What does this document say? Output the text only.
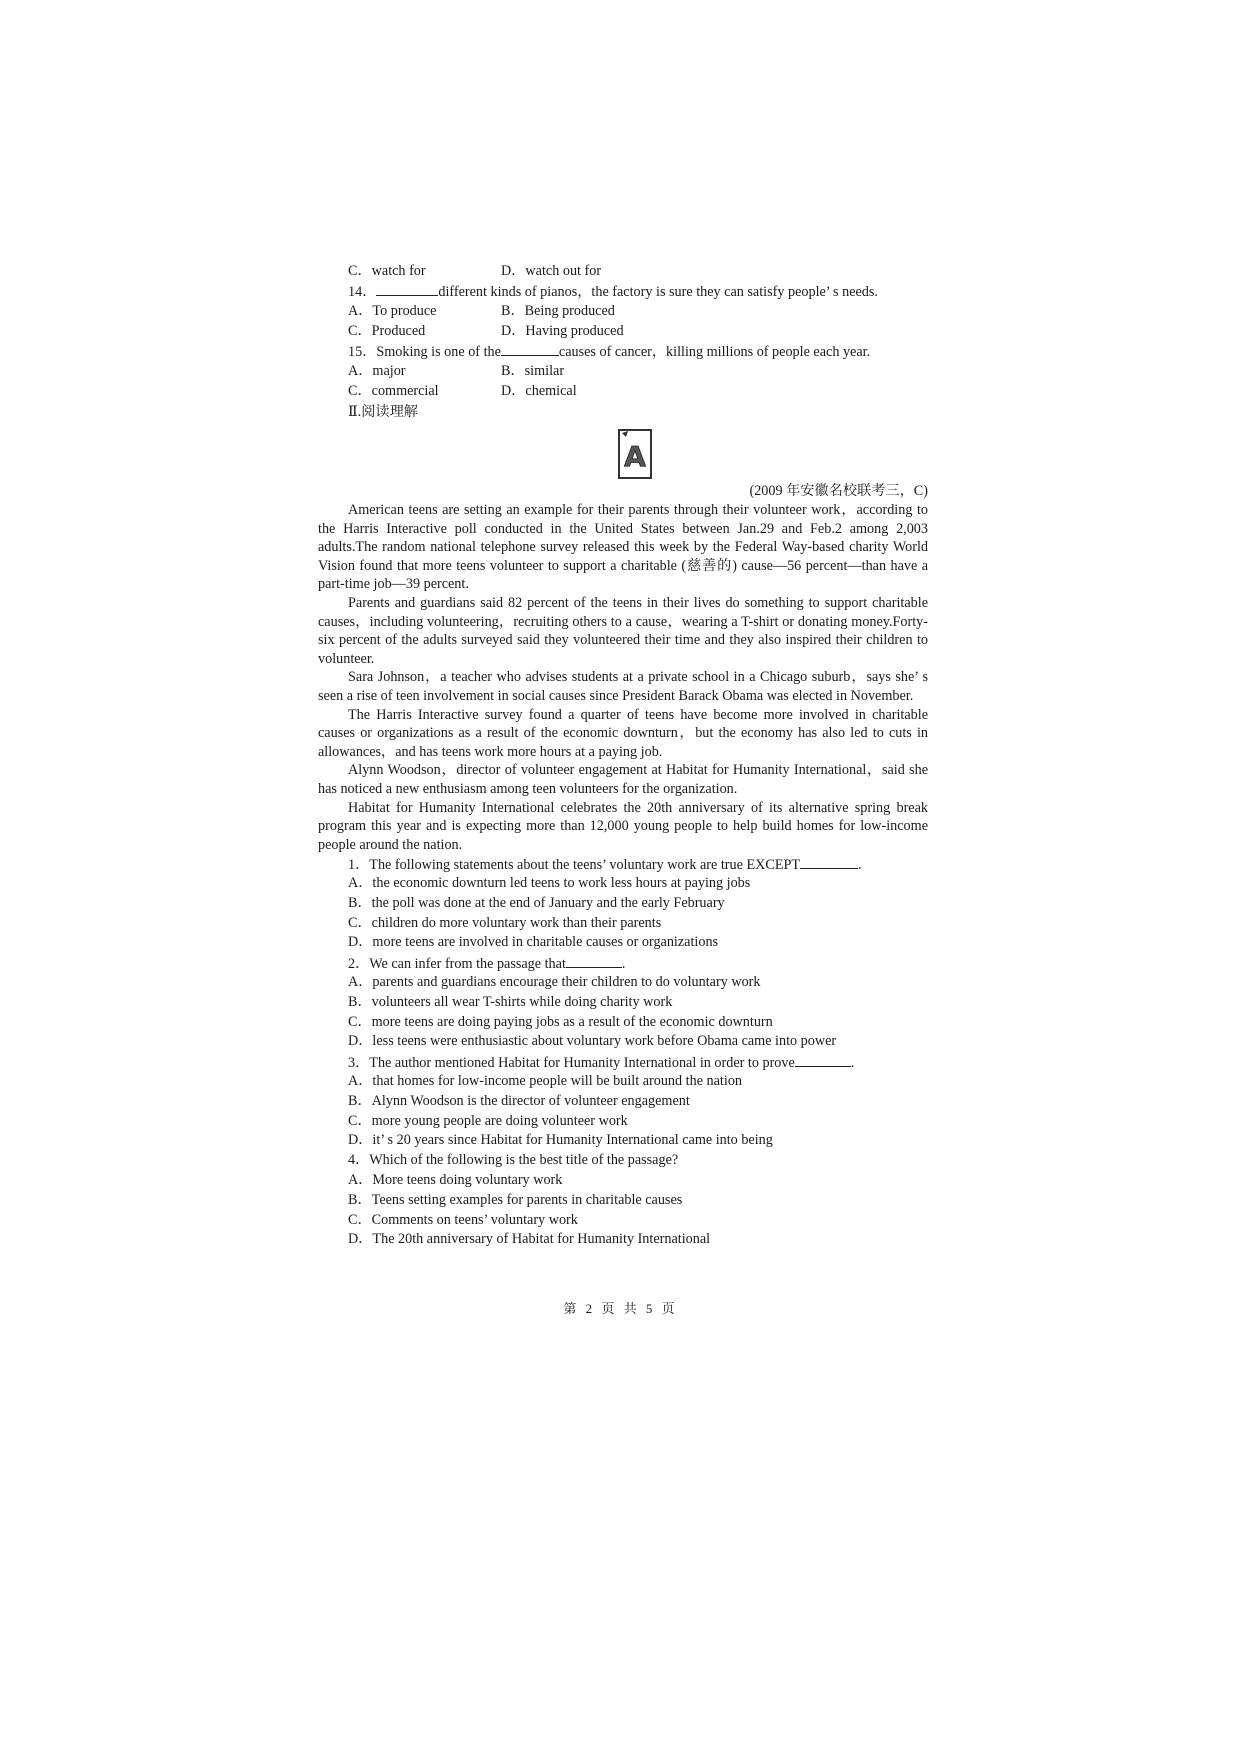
C．watch for	D．watch out for
14．	different kinds of pianos，the factory is sure they can satisfy people’ s needs.
A．To produce	B．Being produced
C．Produced	D．Having produced
15．Smoking is one of the	causes of cancer，killing millions of people each year.
A．major	B．similar
C．commercial	D．chemical
Ⅱ.阅读理解
A
(2009 年安徽名校联考三，C)

American teens are setting an example for their parents through their volunteer work，according to the Harris Interactive poll conducted in the United States between Jan.29 and Feb.2 among 2,003 adults.The random national telephone survey released this week by the Federal Way-based charity World Vision found that more teens volunteer to support a charitable (慈善的) cause—56 percent—than have a part-time job—39 percent.

Parents and guardians said 82 percent of the teens in their lives do something to support charitable causes，including volunteering，recruiting others to a cause，wearing a T-shirt or donating money.Forty-six percent of the adults surveyed said they volunteered their time and they also inspired their children to volunteer.

Sara Johnson，a teacher who advises students at a private school in a Chicago suburb，says she’ s seen a rise of teen involvement in social causes since President Barack Obama was elected in November.

The Harris Interactive survey found a quarter of teens have become more involved in charitable causes or organizations as a result of the economic downturn，but the economy has also led to cuts in allowances，and has teens work more hours at a paying job.

Alynn Woodson，director of volunteer engagement at Habitat for Humanity International，said she has noticed a new enthusiasm among teen volunteers for the organization.

Habitat for Humanity International celebrates the 20th anniversary of its alternative spring break program this year and is expecting more than 12,000 young people to help build homes for low-income people around the nation.

1．The following statements about the teens’ voluntary work are true EXCEPT	.
A．the economic downturn led teens to work less hours at paying jobs
B．the poll was done at the end of January and the early February
C．children do more voluntary work than their parents
D．more teens are involved in charitable causes or organizations
2．We can infer from the passage that	.
A．parents and guardians encourage their children to do voluntary work
B．volunteers all wear T-shirts while doing charity work
C．more teens are doing paying jobs as a result of the economic downturn
D．less teens were enthusiastic about voluntary work before Obama came into power
3．The author mentioned Habitat for Humanity International in order to prove	.
A．that homes for low-income people will be built around the nation
B．Alynn Woodson is the director of volunteer engagement
C．more young people are doing volunteer work
D．it’ s 20 years since Habitat for Humanity International came into being
4．Which of the following is the best title of the passage?
A．More teens doing voluntary work
B．Teens setting examples for parents in charitable causes
C．Comments on teens’ voluntary work
D．The 20th anniversary of Habitat for Humanity International
第 2 页 共 5 页
